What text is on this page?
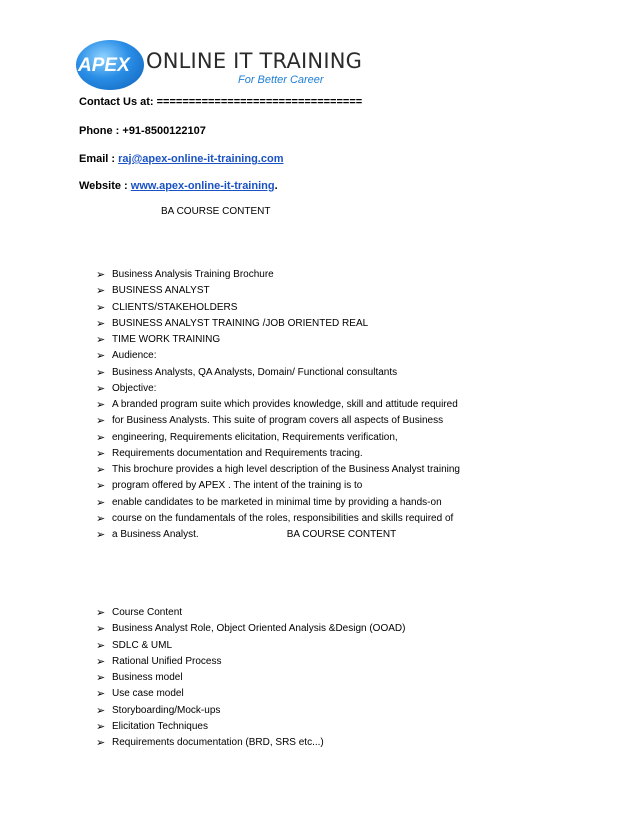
APEX ONLINE IT TRAINING
For Better Career
Contact Us at: ================================
Phone : +91-8500122107
Email : raj@apex-online-it-training.com
Website : www.apex-online-it-training.
BA COURSE CONTENT
➢ Business Analysis Training Brochure
➢ BUSINESS ANALYST
➢ CLIENTS/STAKEHOLDERS
➢ BUSINESS ANALYST TRAINING /JOB ORIENTED REAL
➢ TIME WORK TRAINING
➢ Audience:
➢ Business Analysts, QA Analysts, Domain/ Functional consultants
➢ Objective:
➢ A branded program suite which provides knowledge, skill and attitude required
➢ for Business Analysts. This suite of program covers all aspects of Business
➢ engineering, Requirements elicitation, Requirements verification,
➢ Requirements documentation and Requirements tracing.
➢ This brochure provides a high level description of the Business Analyst training
➢ program offered by APEX . The intent of the training is to
➢ enable candidates to be marketed in minimal time by providing a hands-on
➢ course on the fundamentals of the roles, responsibilities and skills required of
➢ a Business Analyst.	BA COURSE CONTENT
➢ Course Content
➢ Business Analyst Role, Object Oriented Analysis &Design (OOAD)
➢ SDLC & UML
➢ Rational Unified Process
➢ Business model
➢ Use case model
➢ Storyboarding/Mock-ups
➢ Elicitation Techniques
➢ Requirements documentation (BRD, SRS etc...)
